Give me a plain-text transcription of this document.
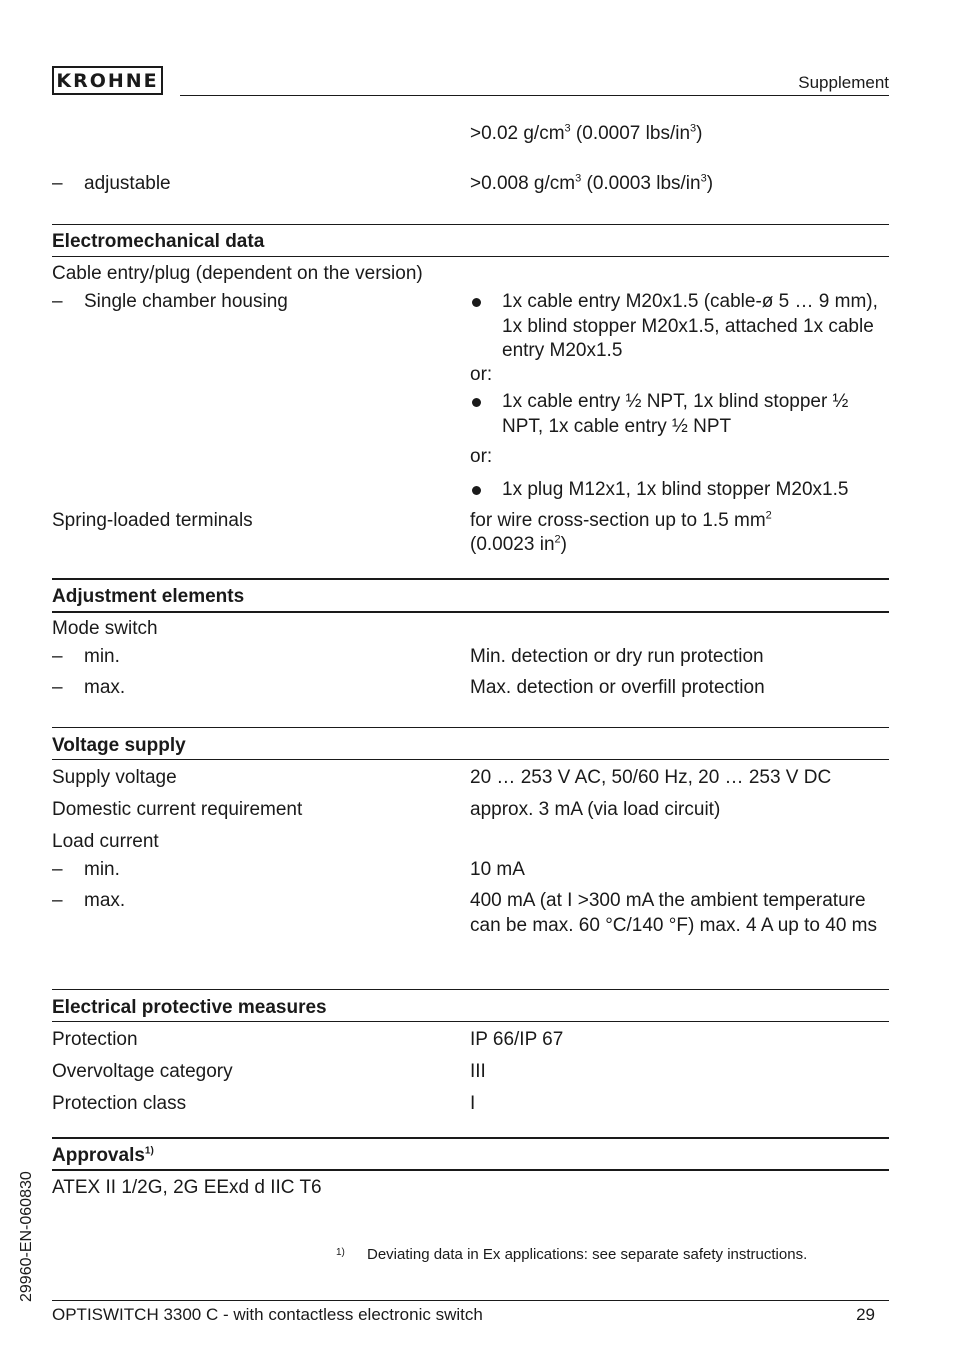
KROHNE	Supplement
>0.02 $g/cm^3$ (0.0007 lbs/$in^3$)
– adjustable	>0.008 $g/cm^3$ (0.0003 lbs/$in^3$)
Electromechanical data
Cable entry/plug (dependent on the version)
– Single chamber housing	1x cable entry M20x1.5 (cable-ø 5 … 9 mm), 1x blind stopper M20x1.5, attached 1x cable entry M20x1.5
or:
1x cable entry ½ NPT, 1x blind stopper ½ NPT, 1x cable entry ½ NPT
or:
1x plug M12x1, 1x blind stopper M20x1.5
Spring-loaded terminals	for wire cross-section up to 1.5 $mm^2$
(0.0023 $in^2$)
Adjustment elements
Mode switch
– min.	Min. detection or dry run protection
– max.	Max. detection or overfill protection
Voltage supply
Supply voltage	20 … 253 V AC, 50/60 Hz, 20 … 253 V DC
Domestic current requirement	approx. 3 mA (via load circuit)
Load current
– min.	10 mA
– max.	400 mA (at I >300 mA the ambient temperature can be max. 60 °C/140 °F) max. 4 A up to 40 ms
Electrical protective measures
Protection	IP 66/IP 67
Overvoltage category	III
Protection class	I
Approvals$^{1)}$
ATEX II 1/2G, 2G EExd d IIC T6
1) Deviating data in Ex applications: see separate safety instructions.
OPTISWITCH 3300 C - with contactless electronic switch	29
29960-EN-060830
